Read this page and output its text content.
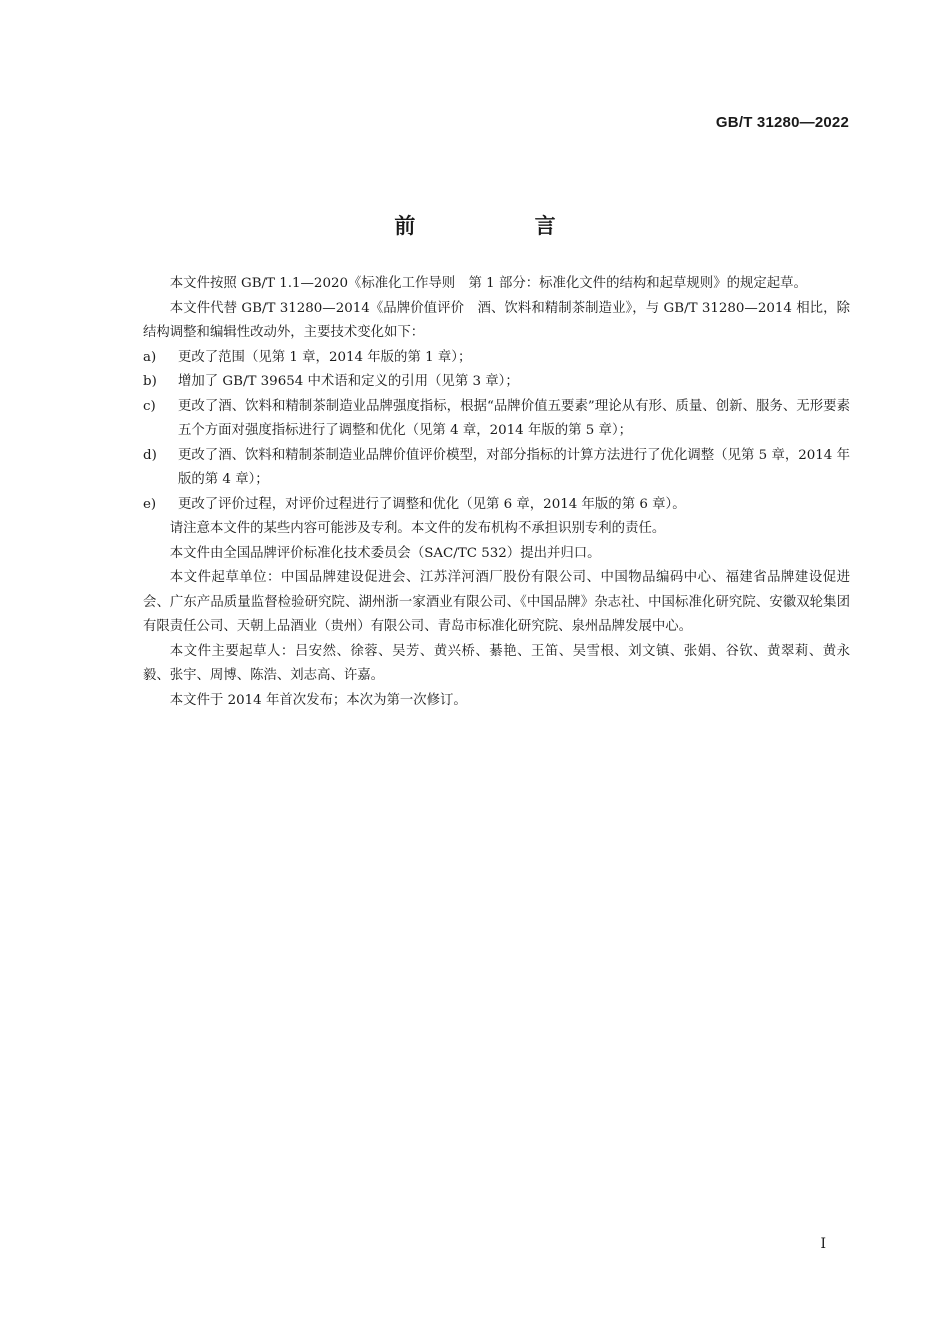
GB/T 31280—2022
前 言

本文件按照 GB/T 1.1—2020《标准化工作导则　第 1 部分：标准化文件的结构和起草规则》的规定起草。

本文件代替 GB/T 31280—2014《品牌价值评价　酒、饮料和精制茶制造业》，与 GB/T 31280—2014 相比，除结构调整和编辑性改动外，主要技术变化如下：

a) 更改了范围（见第 1 章，2014 年版的第 1 章）；
b) 增加了 GB/T 39654 中术语和定义的引用（见第 3 章）；
c) 更改了酒、饮料和精制茶制造业品牌强度指标，根据“品牌价值五要素”理论从有形、质量、创新、服务、无形要素五个方面对强度指标进行了调整和优化（见第 4 章，2014 年版的第 5 章）；
d) 更改了酒、饮料和精制茶制造业品牌价值评价模型，对部分指标的计算方法进行了优化调整（见第 5 章，2014 年版的第 4 章）；
e) 更改了评价过程，对评价过程进行了调整和优化（见第 6 章，2014 年版的第 6 章）。

请注意本文件的某些内容可能涉及专利。本文件的发布机构不承担识别专利的责任。

本文件由全国品牌评价标准化技术委员会（SAC/TC 532）提出并归口。

本文件起草单位：中国品牌建设促进会、江苏洋河酒厂股份有限公司、中国物品编码中心、福建省品牌建设促进会、广东产品质量监督检验研究院、湖州浙一家酒业有限公司、《中国品牌》杂志社、中国标准化研究院、安徽双轮集团有限责任公司、天朝上品酒业（贵州）有限公司、青岛市标准化研究院、泉州品牌发展中心。

本文件主要起草人：吕安然、徐蓉、吴芳、黄兴桥、綦艳、王笛、吴雪根、刘文镇、张娟、谷钦、黄翠莉、黄永毅、张宇、周博、陈浩、刘志高、许嘉。

本文件于 2014 年首次发布；本次为第一次修订。

I
